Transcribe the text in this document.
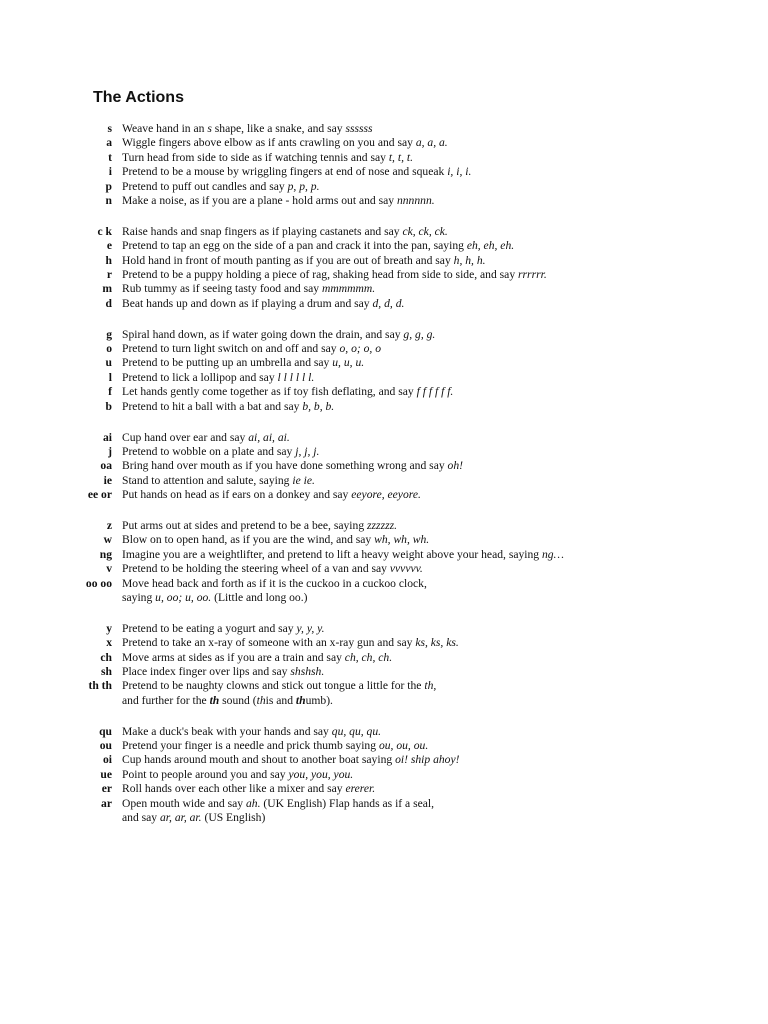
The Actions
s Weave hand in an s shape, like a snake, and say ssssss
a Wiggle fingers above elbow as if ants crawling on you and say a, a, a.
t Turn head from side to side as if watching tennis and say t, t, t.
i Pretend to be a mouse by wriggling fingers at end of nose and squeak i, i, i.
p Pretend to puff out candles and say p, p, p.
n Make a noise, as if you are a plane - hold arms out and say nnnnnn.
c k Raise hands and snap fingers as if playing castanets and say ck, ck, ck.
e Pretend to tap an egg on the side of a pan and crack it into the pan, saying eh, eh, eh.
h Hold hand in front of mouth panting as if you are out of breath and say h, h, h.
r Pretend to be a puppy holding a piece of rag, shaking head from side to side, and say rrrrrr.
m Rub tummy as if seeing tasty food and say mmmmmm.
d Beat hands up and down as if playing a drum and say d, d, d.
g Spiral hand down, as if water going down the drain, and say g, g, g.
o Pretend to turn light switch on and off and say o, o; o, o
u Pretend to be putting up an umbrella and say u, u, u.
l Pretend to lick a lollipop and say l l l l l l.
f Let hands gently come together as if toy fish deflating, and say f f f f f f.
b Pretend to hit a ball with a bat and say b, b, b.
ai Cup hand over ear and say ai, ai, ai.
j Pretend to wobble on a plate and say j, j, j.
oa Bring hand over mouth as if you have done something wrong and say oh!
ie Stand to attention and salute, saying ie ie.
ee or Put hands on head as if ears on a donkey and say eeyore, eeyore.
z Put arms out at sides and pretend to be a bee, saying zzzzzz.
w Blow on to open hand, as if you are the wind, and say wh, wh, wh.
ng Imagine you are a weightlifter, and pretend to lift a heavy weight above your head, saying ng…
v Pretend to be holding the steering wheel of a van and say vvvvvv.
oo oo Move head back and forth as if it is the cuckoo in a cuckoo clock,
saying u, oo; u, oo. (Little and long oo.)
y Pretend to be eating a yogurt and say y, y, y.
x Pretend to take an x-ray of someone with an x-ray gun and say ks, ks, ks.
ch Move arms at sides as if you are a train and say ch, ch, ch.
sh Place index finger over lips and say shshsh.
th th Pretend to be naughty clowns and stick out tongue a little for the th,
and further for the th sound (this and thumb).
qu Make a duck's beak with your hands and say qu, qu, qu.
ou Pretend your finger is a needle and prick thumb saying ou, ou, ou.
oi Cup hands around mouth and shout to another boat saying oi! ship ahoy!
ue Point to people around you and say you, you, you.
er Roll hands over each other like a mixer and say ererer.
ar Open mouth wide and say ah. (UK English) Flap hands as if a seal,
and say ar, ar, ar. (US English)
